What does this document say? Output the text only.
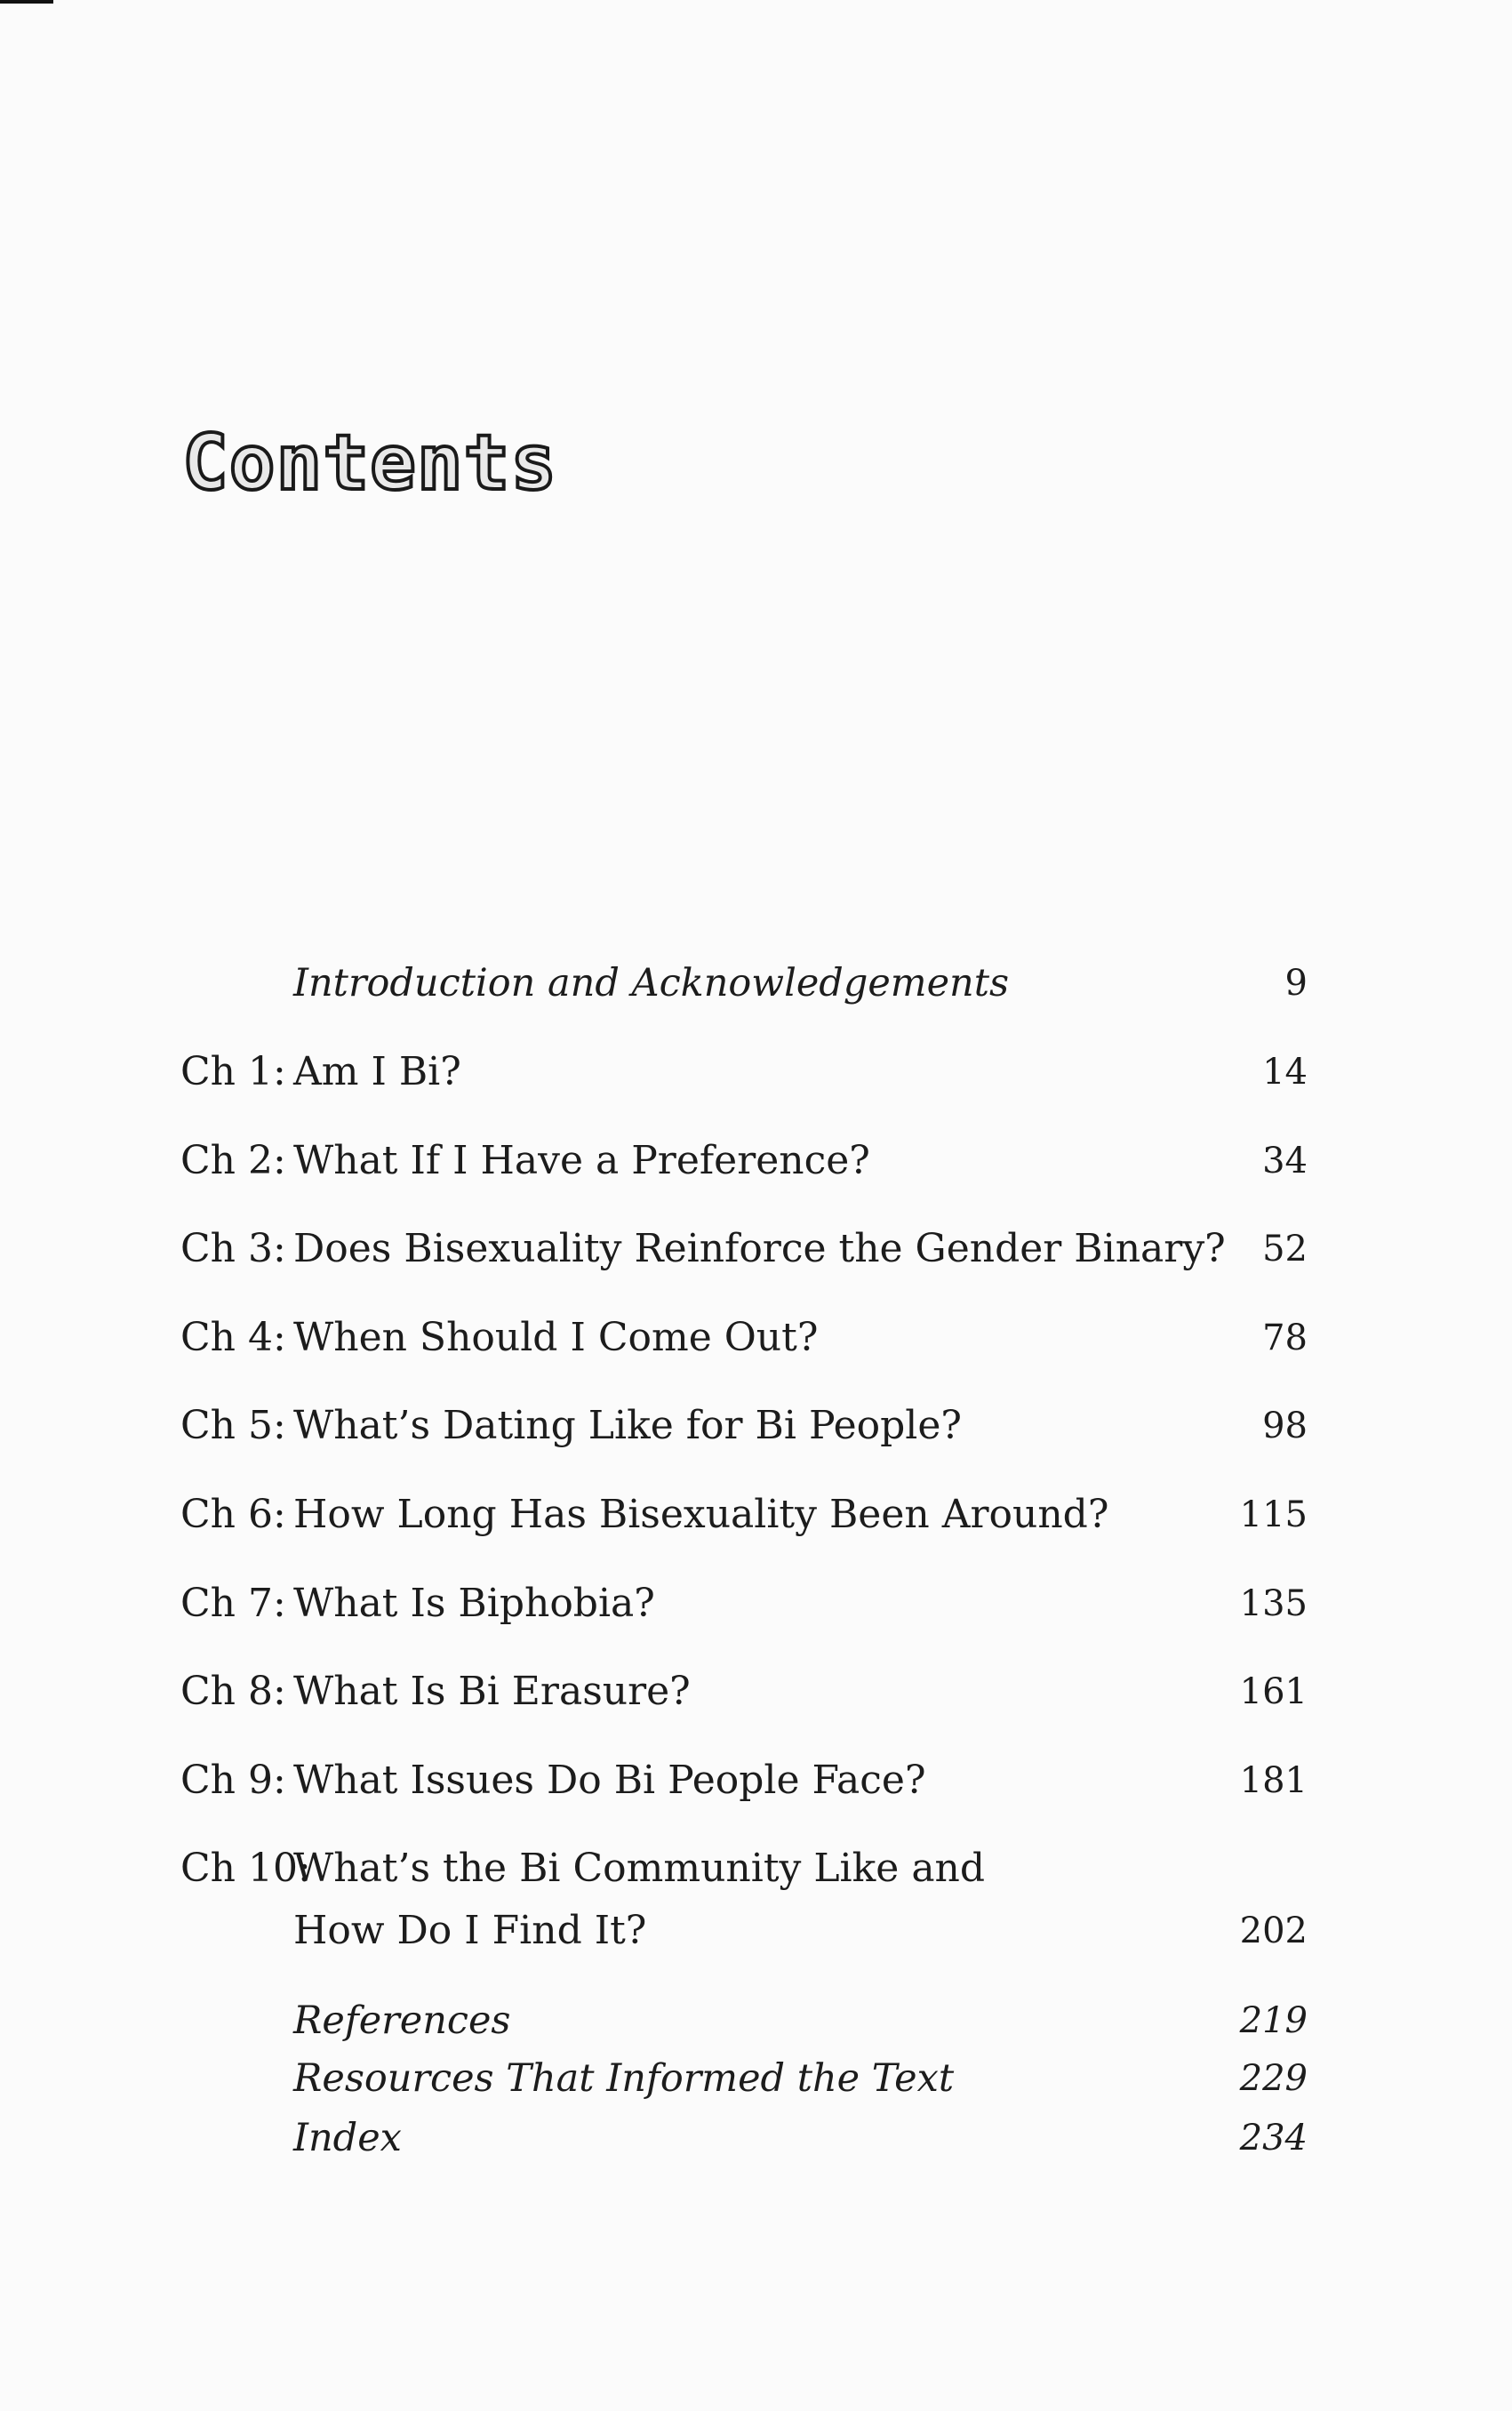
Contents
Introduction and Acknowledgements	9
Ch 1: Am I Bi?	14
Ch 2: What If I Have a Preference?	34
Ch 3: Does Bisexuality Reinforce the Gender Binary? 52
Ch 4: When Should I Come Out?	78
Ch 5: What’s Dating Like for Bi People?	98
Ch 6: How Long Has Bisexuality Been Around?	115
Ch 7: What Is Biphobia?	135
Ch 8: What Is Bi Erasure?	161
Ch 9: What Issues Do Bi People Face?	181
Ch 10:
What’s the Bi Community Like and
How Do I Find It?	202
References	219
Resources That Informed the Text	229
Index	234
